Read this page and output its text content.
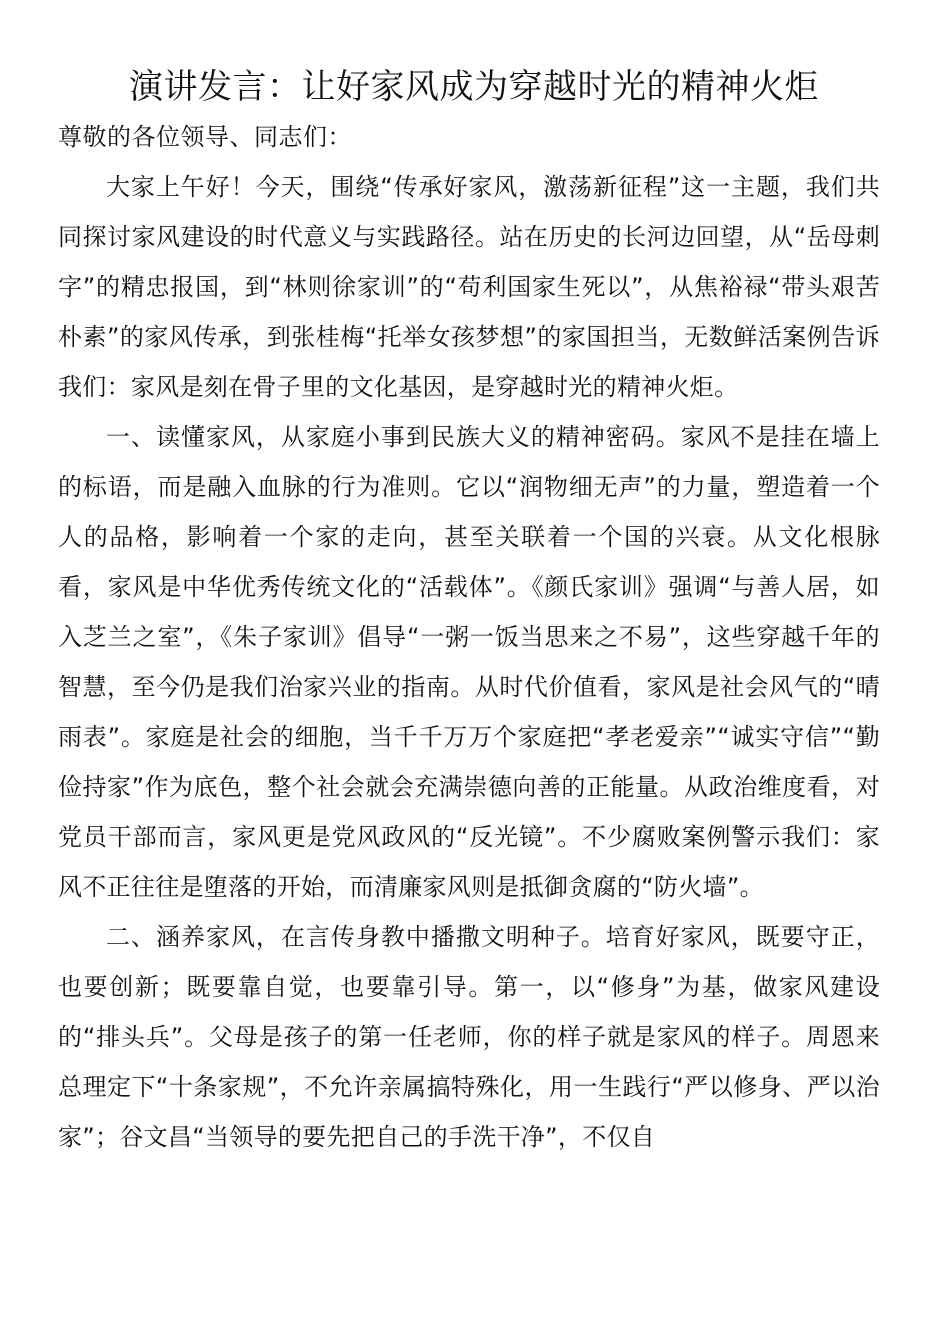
演讲发言：让好家风成为穿越时光的精神火炬

尊敬的各位领导、同志们：

大家上午好！今天，围绕“传承好家风，激荡新征程”这一主题，我们共同探讨家风建设的时代意义与实践路径。站在历史的长河边回望，从“岳母刺字”的精忠报国，到“林则徐家训”的“苟利国家生死以”，从焦裕禄“带头艰苦朴素”的家风传承，到张桂梅“托举女孩梦想”的家国担当，无数鲜活案例告诉我们：家风是刻在骨子里的文化基因，是穿越时光的精神火炬。

一、读懂家风，从家庭小事到民族大义的精神密码。家风不是挂在墙上的标语，而是融入血脉的行为准则。它以“润物细无声”的力量，塑造着一个人的品格，影响着一个家的走向，甚至关联着一个国的兴衰。从文化根脉看，家风是中华优秀传统文化的“活载体”。《颜氏家训》强调“与善人居，如入芝兰之室”，《朱子家训》倡导“一粥一饭当思来之不易”，这些穿越千年的智慧，至今仍是我们治家兴业的指南。从时代价值看，家风是社会风气的“晴雨表”。家庭是社会的细胞，当千千万万个家庭把“孝老爱亲”“诚实守信”“勤俭持家”作为底色，整个社会就会充满崇德向善的正能量。从政治维度看，对党员干部而言，家风更是党风政风的“反光镜”。不少腐败案例警示我们：家风不正往往是堕落的开始，而清廉家风则是抵御贪腐的“防火墙”。

二、涵养家风，在言传身教中播撒文明种子。培育好家风，既要守正，也要创新；既要靠自觉，也要靠引导。第一，以“修身”为基，做家风建设的“排头兵”。父母是孩子的第一任老师，你的样子就是家风的样子。周恩来总理定下“十条家规”，不允许亲属搞特殊化，用一生践行“严以修身、严以治家”；谷文昌“当领导的要先把自己的手洗干净”，不仅自
